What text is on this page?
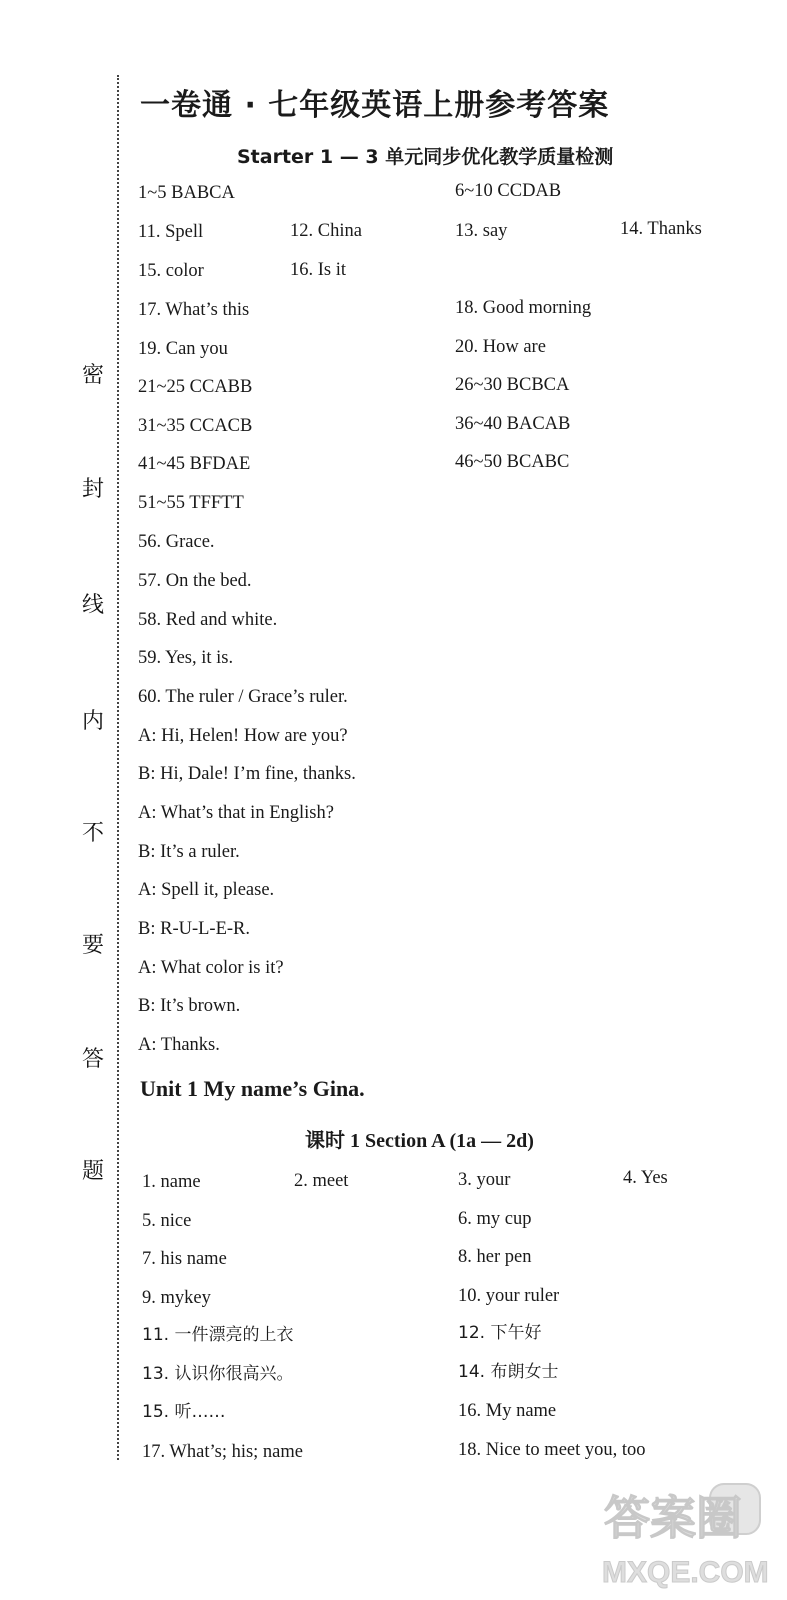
密
封
线
内
不
要
答
题
一卷通 · 七年级英语上册参考答案
Starter 1 — 3 单元同步优化教学质量检测
1~5 BABCA	6~10 CCDAB
11. Spell	12. China	13. say	14. Thanks
15. color	16. Is it
17. What’s this	18. Good morning
19. Can you	20. How are
21~25 CCABB	26~30 BCBCA
31~35 CCACB	36~40 BACAB
41~45 BFDAE	46~50 BCABC
51~55 TFFTT
56. Grace.
57. On the bed.
58. Red and white.
59. Yes, it is.
60. The ruler / Grace’s ruler.
A: Hi, Helen! How are you?
B: Hi, Dale! I’m fine, thanks.
A: What’s that in English?
B: It’s a ruler.
A: Spell it, please.
B: R-U-L-E-R.
A: What color is it?
B: It’s brown.
A: Thanks.
Unit 1 My name’s Gina.
课时 1 Section A (1a — 2d)
1. name	2. meet	3. your	4. Yes
5. nice	6. my cup
7. his name	8. her pen
9. mykey	10. your ruler
11. 一件漂亮的上衣	12. 下午好
13. 认识你很高兴。	14. 布朗女士
15. 听……	16. My name
17. What’s; his; name	18. Nice to meet you, too
答案圈
MXQE.COM
